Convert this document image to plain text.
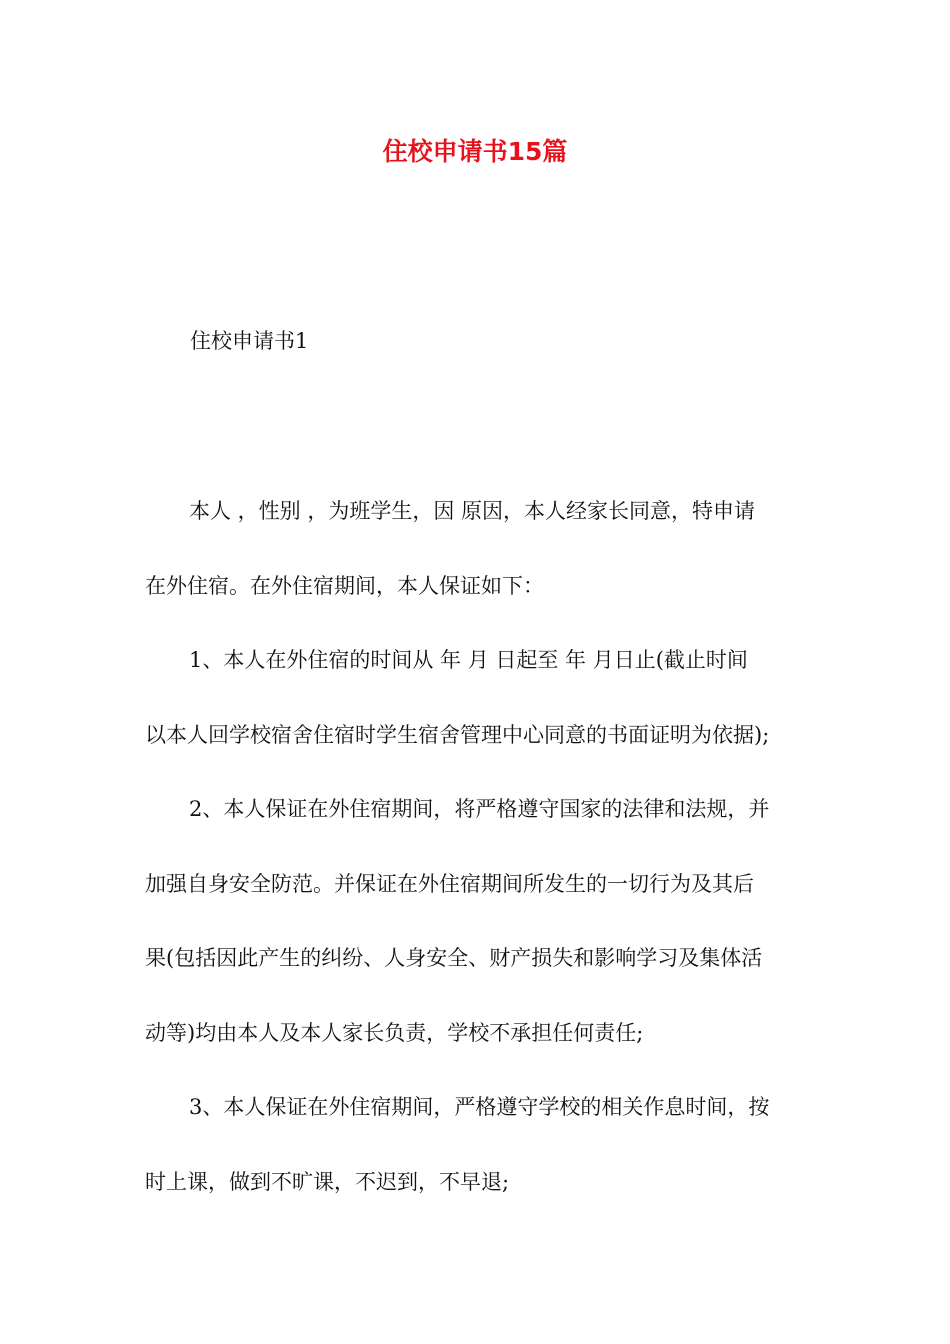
住校申请书15篇
住校申请书1
本人 ，性别 ，为班学生，因 原因，本人经家长同意，特申请
在外住宿。在外住宿期间，本人保证如下：
1、本人在外住宿的时间从 年 月 日起至 年 月日止(截止时间
以本人回学校宿舍住宿时学生宿舍管理中心同意的书面证明为依据);
2、本人保证在外住宿期间，将严格遵守国家的法律和法规，并
加强自身安全防范。并保证在外住宿期间所发生的一切行为及其后
果(包括因此产生的纠纷、人身安全、财产损失和影响学习及集体活
动等)均由本人及本人家长负责，学校不承担任何责任;
3、本人保证在外住宿期间，严格遵守学校的相关作息时间，按
时上课，做到不旷课，不迟到，不早退;
